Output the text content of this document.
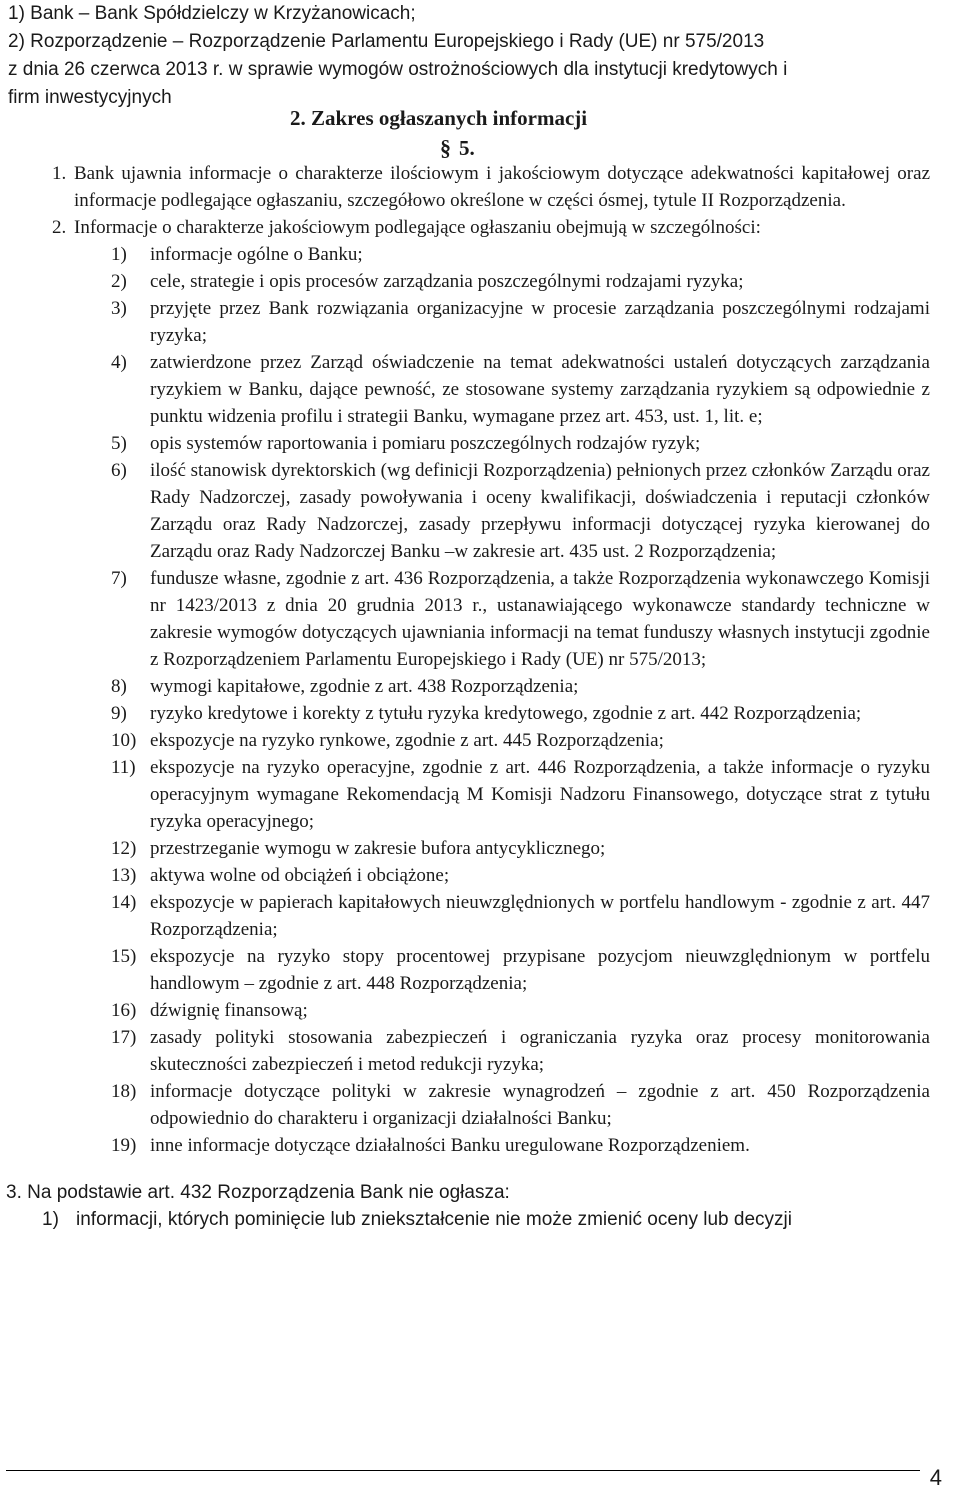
1) Bank – Bank Spółdzielczy w Krzyżanowicach;
2) Rozporządzenie – Rozporządzenie Parlamentu Europejskiego i Rady (UE) nr 575/2013
z dnia 26 czerwca 2013 r. w sprawie wymogów ostrożnościowych dla instytucji kredytowych i
firm inwestycyjnych
2. Zakres ogłaszanych informacji
§ 5.
1. Bank ujawnia informacje o charakterze ilościowym i jakościowym dotyczące adekwatności kapitałowej oraz informacje podlegające ogłaszaniu, szczegółowo określone w części ósmej, tytule II Rozporządzenia.
2. Informacje o charakterze jakościowym podlegające ogłaszaniu obejmują w szczególności:
1) informacje ogólne o Banku;
2) cele, strategie i opis procesów zarządzania poszczególnymi rodzajami ryzyka;
3) przyjęte przez Bank rozwiązania organizacyjne w procesie zarządzania poszczególnymi rodzajami ryzyka;
4) zatwierdzone przez Zarząd oświadczenie na temat adekwatności ustaleń dotyczących zarządzania ryzykiem w Banku, dające pewność, ze stosowane systemy zarządzania ryzykiem są odpowiednie z punktu widzenia profilu i strategii Banku, wymagane przez art. 453, ust. 1, lit. e;
5) opis systemów raportowania i pomiaru poszczególnych rodzajów ryzyk;
6) ilość stanowisk dyrektorskich (wg definicji Rozporządzenia) pełnionych przez członków Zarządu oraz Rady Nadzorczej, zasady powoływania i oceny kwalifikacji, doświadczenia i reputacji członków Zarządu oraz Rady Nadzorczej, zasady przepływu informacji dotyczącej ryzyka kierowanej do Zarządu oraz Rady Nadzorczej Banku –w zakresie art. 435 ust. 2 Rozporządzenia;
7) fundusze własne, zgodnie z art. 436 Rozporządzenia, a także Rozporządzenia wykonawczego Komisji nr 1423/2013 z dnia 20 grudnia 2013 r., ustanawiającego wykonawcze standardy techniczne w zakresie wymogów dotyczących ujawniania informacji na temat funduszy własnych instytucji zgodnie z Rozporządzeniem Parlamentu Europejskiego i Rady (UE) nr 575/2013;
8) wymogi kapitałowe, zgodnie z art. 438 Rozporządzenia;
9) ryzyko kredytowe i korekty z tytułu ryzyka kredytowego, zgodnie z art. 442 Rozporządzenia;
10) ekspozycje na ryzyko rynkowe, zgodnie z art. 445 Rozporządzenia;
11) ekspozycje na ryzyko operacyjne, zgodnie z art. 446 Rozporządzenia, a także informacje o ryzyku operacyjnym wymagane Rekomendacją M Komisji Nadzoru Finansowego, dotyczące strat z tytułu ryzyka operacyjnego;
12) przestrzeganie wymogu w zakresie bufora antycyklicznego;
13) aktywa wolne od obciążeń i obciążone;
14) ekspozycje w papierach kapitałowych nieuwzględnionych w portfelu handlowym - zgodnie z art. 447 Rozporządzenia;
15) ekspozycje na ryzyko stopy procentowej przypisane pozycjom nieuwzględnionym w portfelu handlowym – zgodnie z art. 448 Rozporządzenia;
16) dźwignię finansową;
17) zasady polityki stosowania zabezpieczeń i ograniczania ryzyka oraz procesy monitorowania skuteczności zabezpieczeń i metod redukcji ryzyka;
18) informacje dotyczące polityki w zakresie wynagrodzeń – zgodnie z art. 450 Rozporządzenia odpowiednio do charakteru i organizacji działalności Banku;
19) inne informacje dotyczące działalności Banku uregulowane Rozporządzeniem.
3. Na podstawie art. 432 Rozporządzenia Bank nie ogłasza:
1) informacji, których pominięcie lub zniekształcenie nie może zmienić oceny lub decyzji
4
